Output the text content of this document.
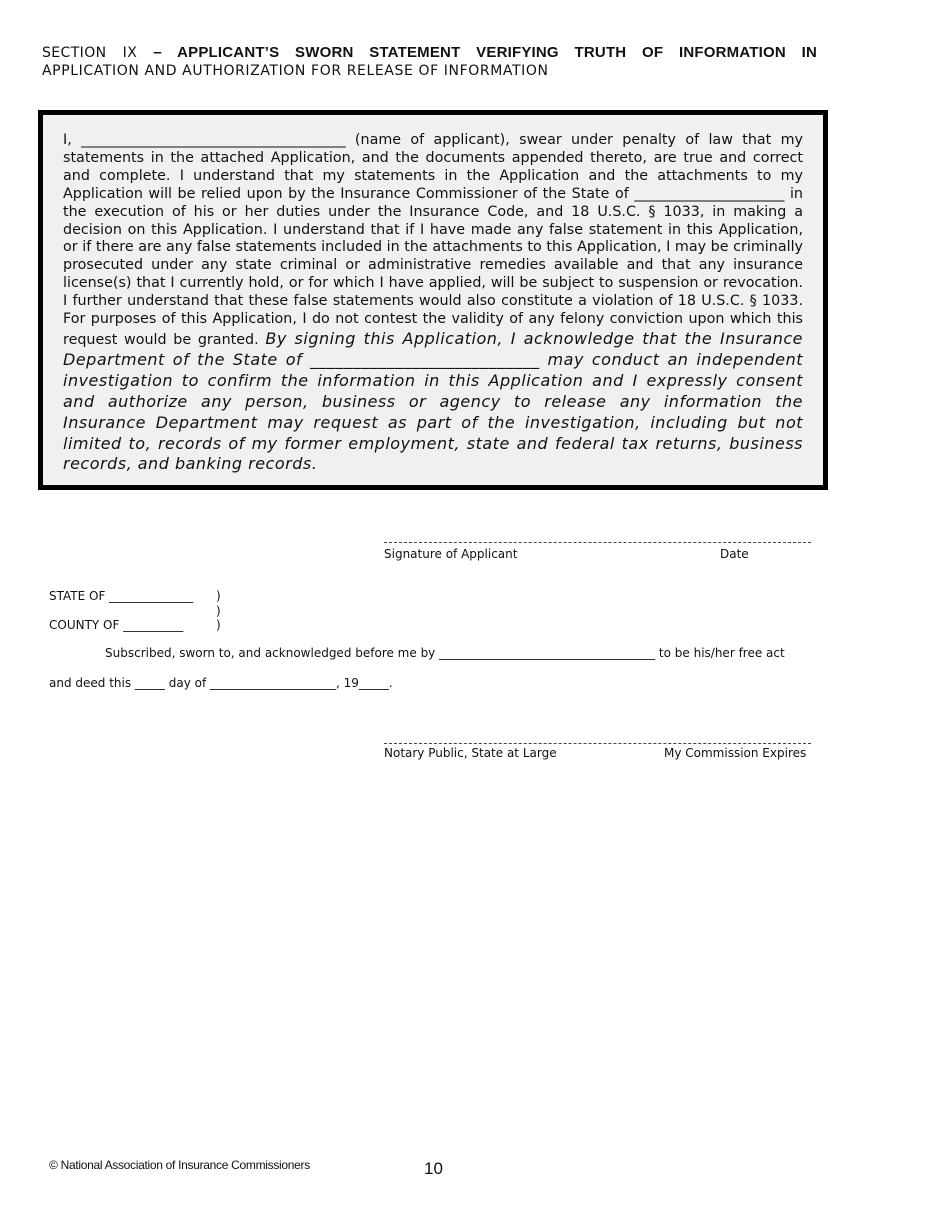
SECTION IX – APPLICANT’S SWORN STATEMENT VERIFYING TRUTH OF INFORMATION IN
APPLICATION AND AUTHORIZATION FOR RELEASE OF INFORMATION
I, _____________________________________ (name of applicant), swear under penalty of law that my statements in the attached Application, and the documents appended thereto, are true and correct and complete. I understand that my statements in the Application and the attachments to my Application will be relied upon by the Insurance Commissioner of the State of _____________________ in the execution of his or her duties under the Insurance Code, and 18 U.S.C. § 1033, in making a decision on this Application. I understand that if I have made any false statement in this Application, or if there are any false statements included in the attachments to this Application, I may be criminally prosecuted under any state criminal or administrative remedies available and that any insurance license(s) that I currently hold, or for which I have applied, will be subject to suspension or revocation. I further understand that these false statements would also constitute a violation of 18 U.S.C. § 1033. For purposes of this Application, I do not contest the validity of any felony conviction upon which this request would be granted. By signing this Application, I acknowledge that the Insurance Department of the State of ___________________________ may conduct an independent investigation to confirm the information in this Application and I expressly consent and authorize any person, business or agency to release any information the Insurance Department may request as part of the investigation, including but not limited to, records of my former employment, state and federal tax returns, business records, and banking records.
Signature of Applicant	Date
STATE OF ______________ )
)
COUNTY OF __________	)
Subscribed, sworn to, and acknowledged before me by ____________________________________ to be his/her free act
and deed this _____ day of _____________________, 19_____.
Notary Public, State at Large	My Commission Expires
© National Association of Insurance Commissioners	10
